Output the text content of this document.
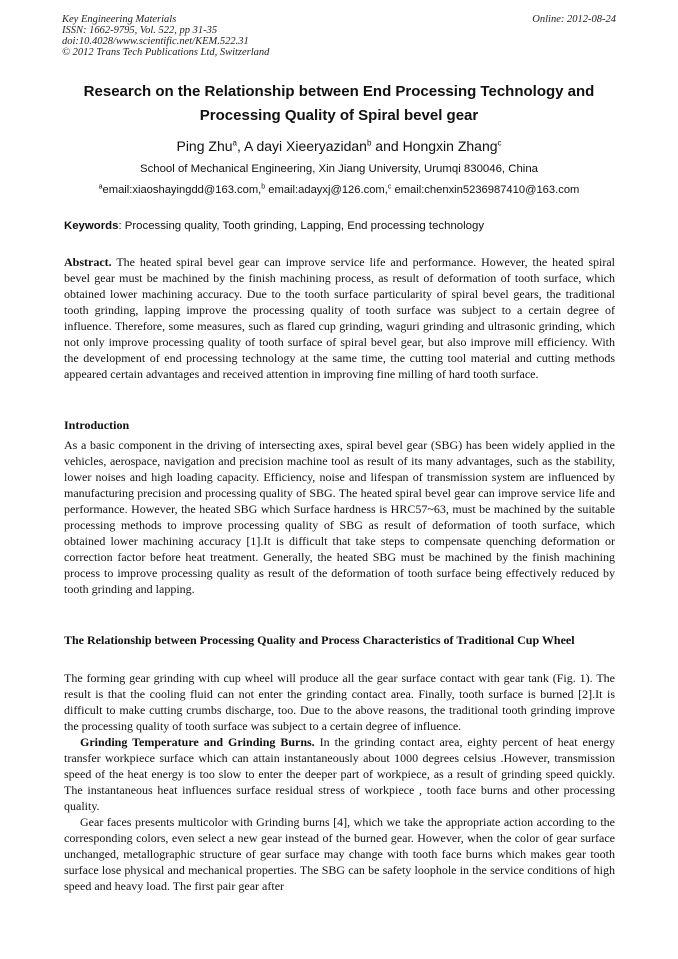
Key Engineering Materials	Online: 2012-08-24
ISSN: 1662-9795, Vol. 522, pp 31-35
doi:10.4028/www.scientific.net/KEM.522.31
© 2012 Trans Tech Publications Ltd, Switzerland
Research on the Relationship between End Processing Technology and
Processing Quality of Spiral bevel gear
Ping Zhu$^a$, A dayi Xieeryazidan$^b$ and Hongxin Zhang$^c$
School of Mechanical Engineering, Xin Jiang University, Urumqi 830046, China
$^a$email:xiaoshayingdd@163.com,$^b$ email:adayxj@126.com,$^c$ email:chenxin5236987410@163.com
Keywords: Processing quality, Tooth grinding, Lapping, End processing technology
Abstract. The heated spiral bevel gear can improve service life and performance. However, the heated spiral bevel gear must be machined by the finish machining process, as result of deformation of tooth surface, which obtained lower machining accuracy. Due to the tooth surface particularity of spiral bevel gears, the traditional tooth grinding, lapping improve the processing quality of tooth surface was subject to a certain degree of influence. Therefore, some measures, such as flared cup grinding, waguri grinding and ultrasonic grinding, which not only improve processing quality of tooth surface of spiral bevel gear, but also improve mill efficiency. With the development of end processing technology at the same time, the cutting tool material and cutting methods appeared certain advantages and received attention in improving fine milling of hard tooth surface.
Introduction
As a basic component in the driving of intersecting axes, spiral bevel gear (SBG) has been widely applied in the vehicles, aerospace, navigation and precision machine tool as result of its many advantages, such as the stability, lower noises and high loading capacity. Efficiency, noise and lifespan of transmission system are influenced by manufacturing precision and processing quality of SBG. The heated spiral bevel gear can improve service life and performance. However, the heated SBG which Surface hardness is HRC57~63, must be machined by the suitable processing methods to improve processing quality of SBG as result of deformation of tooth surface, which obtained lower machining accuracy [1].It is difficult that take steps to compensate quenching deformation or correction factor before heat treatment. Generally, the heated SBG must be machined by the finish machining process to improve processing quality as result of the deformation of tooth surface being effectively reduced by tooth grinding and lapping.
The Relationship between Processing Quality and Process Characteristics of Traditional Cup Wheel

The forming gear grinding with cup wheel will produce all the gear surface contact with gear tank (Fig. 1). The result is that the cooling fluid can not enter the grinding contact area. Finally, tooth surface is burned [2].It is difficult to make cutting crumbs discharge, too. Due to the above reasons, the traditional tooth grinding improve the processing quality of tooth surface was subject to a certain degree of influence.

Grinding Temperature and Grinding Burns. In the grinding contact area, eighty percent of heat energy transfer workpiece surface which can attain instantaneously about 1000 degrees celsius .However, transmission speed of the heat energy is too slow to enter the deeper part of workpiece, as a result of grinding speed quickly. The instantaneous heat influences surface residual stress of workpiece , tooth face burns and other processing quality.

Gear faces presents multicolor with Grinding burns [4], which we take the appropriate action according to the corresponding colors, even select a new gear instead of the burned gear. However, when the color of gear surface unchanged, metallographic structure of gear surface may change with tooth face burns which makes gear tooth surface lose physical and mechanical properties. The SBG can be safety loophole in the service conditions of high speed and heavy load. The first pair gear after
